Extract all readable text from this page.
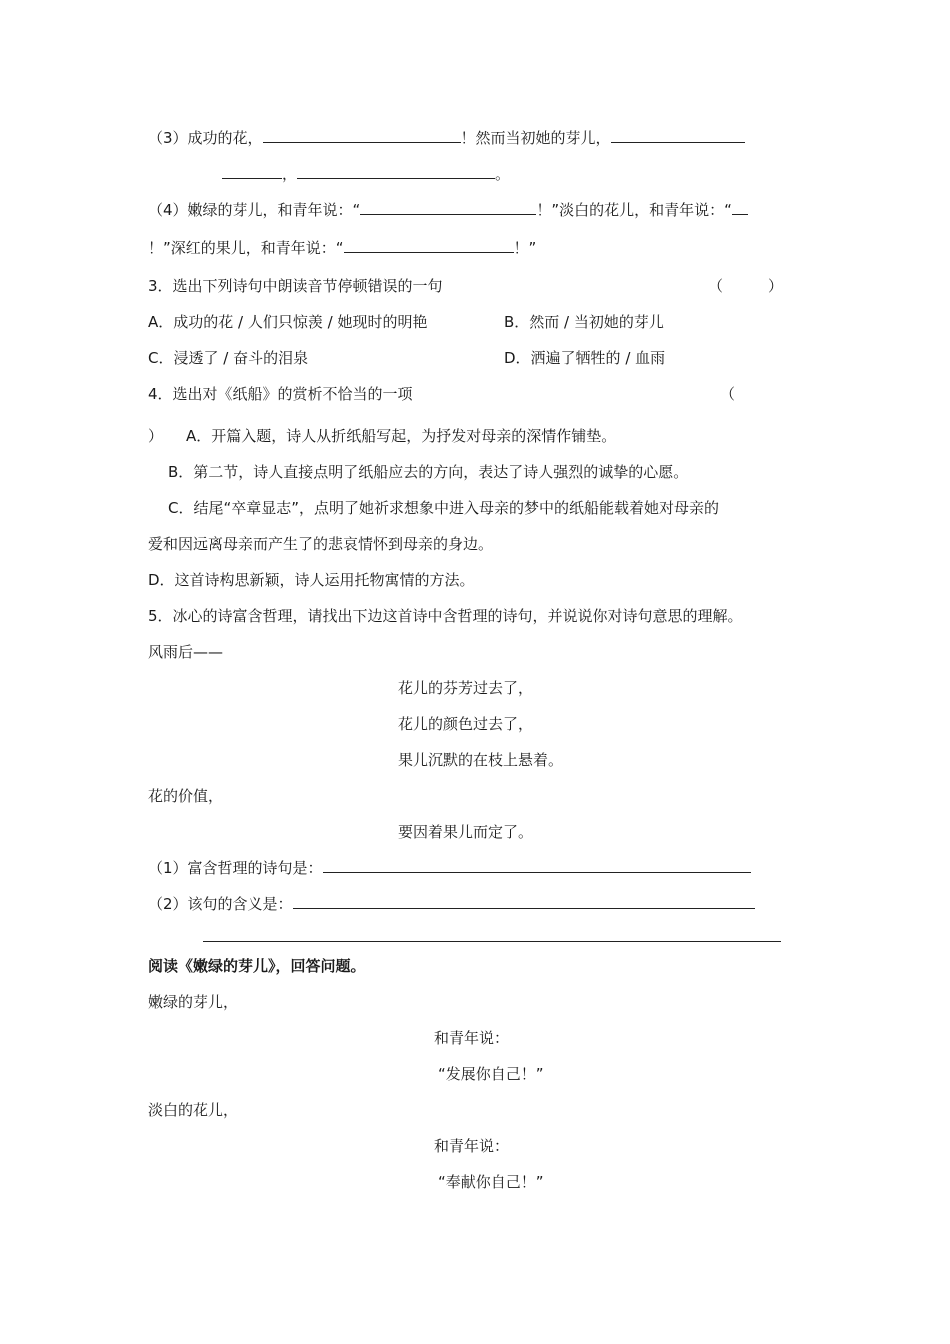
（3）成功的花，	！然而当初她的芽儿，
，	。
（4）嫩绿的芽儿，和青年说：“	！”淡白的花儿，和青年说：“
！”深红的果儿，和青年说：“	！”
3．选出下列诗句中朗读音节停顿错误的一句	（　　　）
A．成功的花 / 人们只惊羡 / 她现时的明艳	B．然而 / 当初她的芽儿
C．浸透了 / 奋斗的泪泉	D．洒遍了牺牲的 / 血雨
4．选出对《纸船》的赏析不恰当的一项	（
） A．开篇入题，诗人从折纸船写起，为抒发对母亲的深情作铺垫。
B．第二节，诗人直接点明了纸船应去的方向，表达了诗人强烈的诚挚的心愿。
C．结尾“卒章显志”，点明了她祈求想象中进入母亲的梦中的纸船能载着她对母亲的
爱和因远离母亲而产生了的悲哀情怀到母亲的身边。
D．这首诗构思新颖，诗人运用托物寓情的方法。
5．冰心的诗富含哲理，请找出下边这首诗中含哲理的诗句，并说说你对诗句意思的理解。
风雨后——
花儿的芬芳过去了，
花儿的颜色过去了，
果儿沉默的在枝上悬着。
花的价值，
要因着果儿而定了。
（1）富含哲理的诗句是：
（2）该句的含义是：
阅读《嫩绿的芽儿》，回答问题。
嫩绿的芽儿，
和青年说：
“发展你自己！”
淡白的花儿，
和青年说：
“奉献你自己！”
